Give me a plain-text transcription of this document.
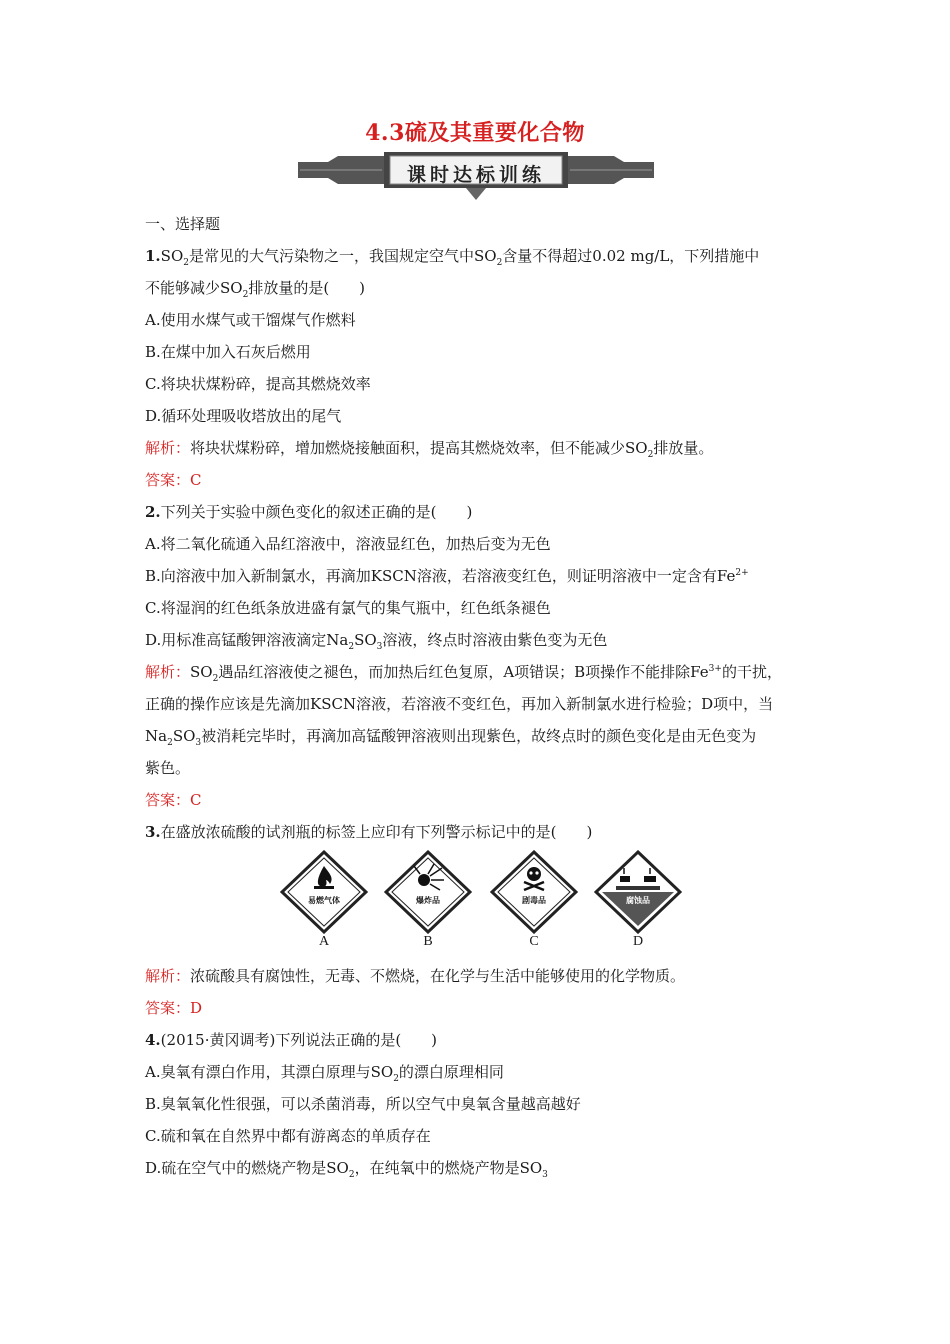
4.3硫及其重要化合物
课时达标训练
一、选择题
$1.SO_2$是常见的大气污染物之一，我国规定空气中$SO_2$含量不得超过0.02 mg/L，下列措施中
不能够减少$SO_2$排放量的是(　　)
A.使用水煤气或干馏煤气作燃料
B.在煤中加入石灰后燃用
C.将块状煤粉碎，提高其燃烧效率
D.循环处理吸收塔放出的尾气
解析：将块状煤粉碎，增加燃烧接触面积，提高其燃烧效率，但不能减少$SO_2$排放量。
答案：C
2.下列关于实验中颜色变化的叙述正确的是(　　)
A.将二氧化硫通入品红溶液中，溶液显红色，加热后变为无色
B.向溶液中加入新制氯水，再滴加KSCN溶液，若溶液变红色，则证明溶液中一定含有$Fe^{2+}$
C.将湿润的红色纸条放进盛有氯气的集气瓶中，红色纸条褪色
D.用标准高锰酸钾溶液滴定$Na_2SO_3$溶液，终点时溶液由紫色变为无色
解析：$SO_2$遇品红溶液使之褪色，而加热后红色复原，A项错误；B项操作不能排除$Fe^{3+}$的干扰，
正确的操作应该是先滴加KSCN溶液，若溶液不变红色，再加入新制氯水进行检验；D项中，当
$Na_2SO_3$被消耗完毕时，再滴加高锰酸钾溶液则出现紫色，故终点时的颜色变化是由无色变为
紫色。
答案：C
3.在盛放浓硫酸的试剂瓶的标签上应印有下列警示标记中的是(　　)
易燃气体
A
爆炸品
B
剧毒品
C
腐蚀品
D
解析：浓硫酸具有腐蚀性，无毒、不燃烧，在化学与生活中能够使用的化学物质。
答案：D
4.(2015·黄冈调考)下列说法正确的是(　　)
A.臭氧有漂白作用，其漂白原理与$SO_2$的漂白原理相同
B.臭氧氧化性很强，可以杀菌消毒，所以空气中臭氧含量越高越好
C.硫和氧在自然界中都有游离态的单质存在
D.硫在空气中的燃烧产物是$SO_2$，在纯氧中的燃烧产物是$SO_3$
